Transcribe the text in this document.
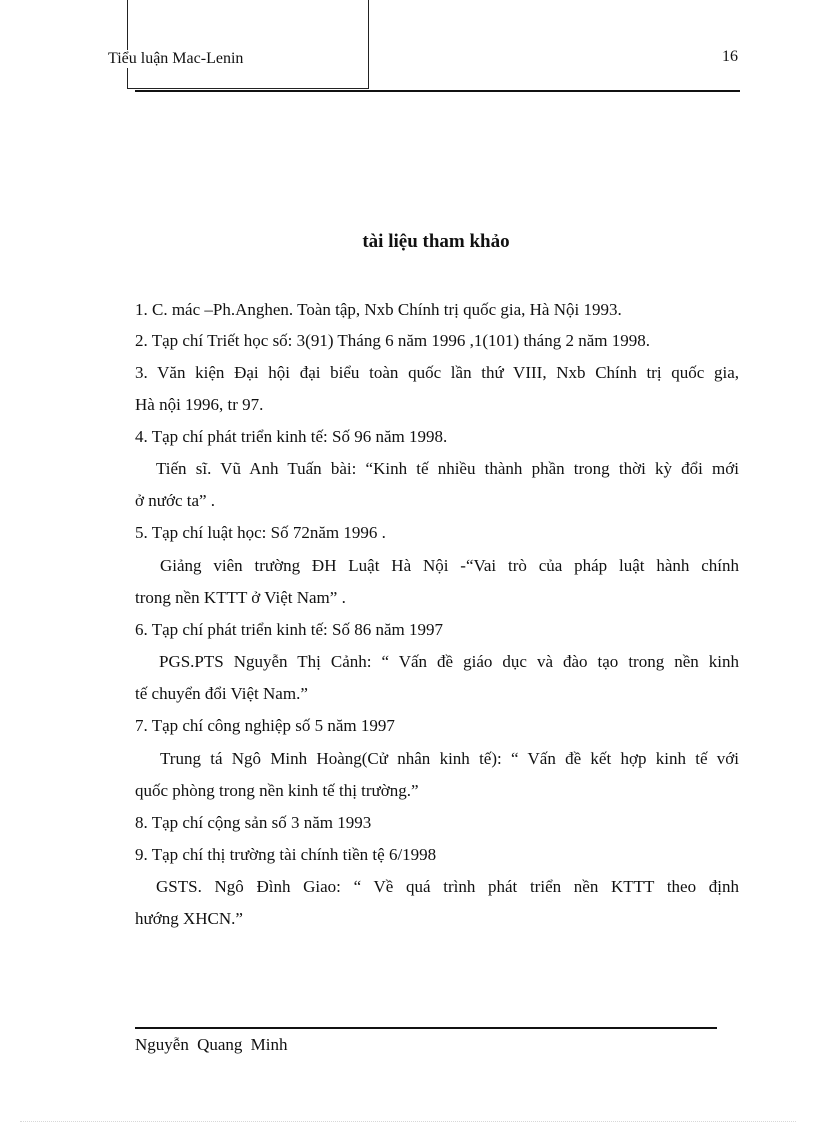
Tiểu luận Mac-Lenin	16
tài liệu tham khảo
1. C. mác –Ph.Anghen. Toàn tập, Nxb Chính trị quốc gia, Hà Nội 1993.
2. Tạp chí Triết học số: 3(91) Tháng 6 năm 1996 ,1(101) tháng 2 năm 1998.
3. Văn kiện Đại hội đại biểu toàn quốc lần thứ VIII, Nxb Chính trị quốc gia,
Hà nội 1996, tr 97.
4. Tạp chí phát triển kinh tế: Số 96 năm 1998.
Tiến sĩ. Vũ Anh Tuấn bài: “Kinh tế nhiều thành phần trong thời kỳ đổi mới
ở nước ta” .
5. Tạp chí luật học: Số 72năm 1996 .
Giảng viên trường ĐH Luật Hà Nội -“Vai trò của pháp luật hành chính
trong nền KTTT ở Việt Nam” .
6. Tạp chí phát triển kinh tế: Số 86 năm 1997
PGS.PTS Nguyễn Thị Cảnh: “ Vấn đề giáo dục và đào tạo trong nền kinh
tế chuyển đổi Việt Nam.”
7. Tạp chí công nghiệp số 5 năm 1997
Trung tá Ngô Minh Hoàng(Cử nhân kinh tế): “ Vấn đề kết hợp kinh tế với
quốc phòng trong nền kinh tế thị trường.”
8. Tạp chí cộng sản số 3 năm 1993
9. Tạp chí thị trường tài chính tiền tệ 6/1998
GSTS. Ngô Đình Giao: “ Về quá trình phát triển nền KTTT theo định
hướng XHCN.”
Nguyễn Quang Minh
